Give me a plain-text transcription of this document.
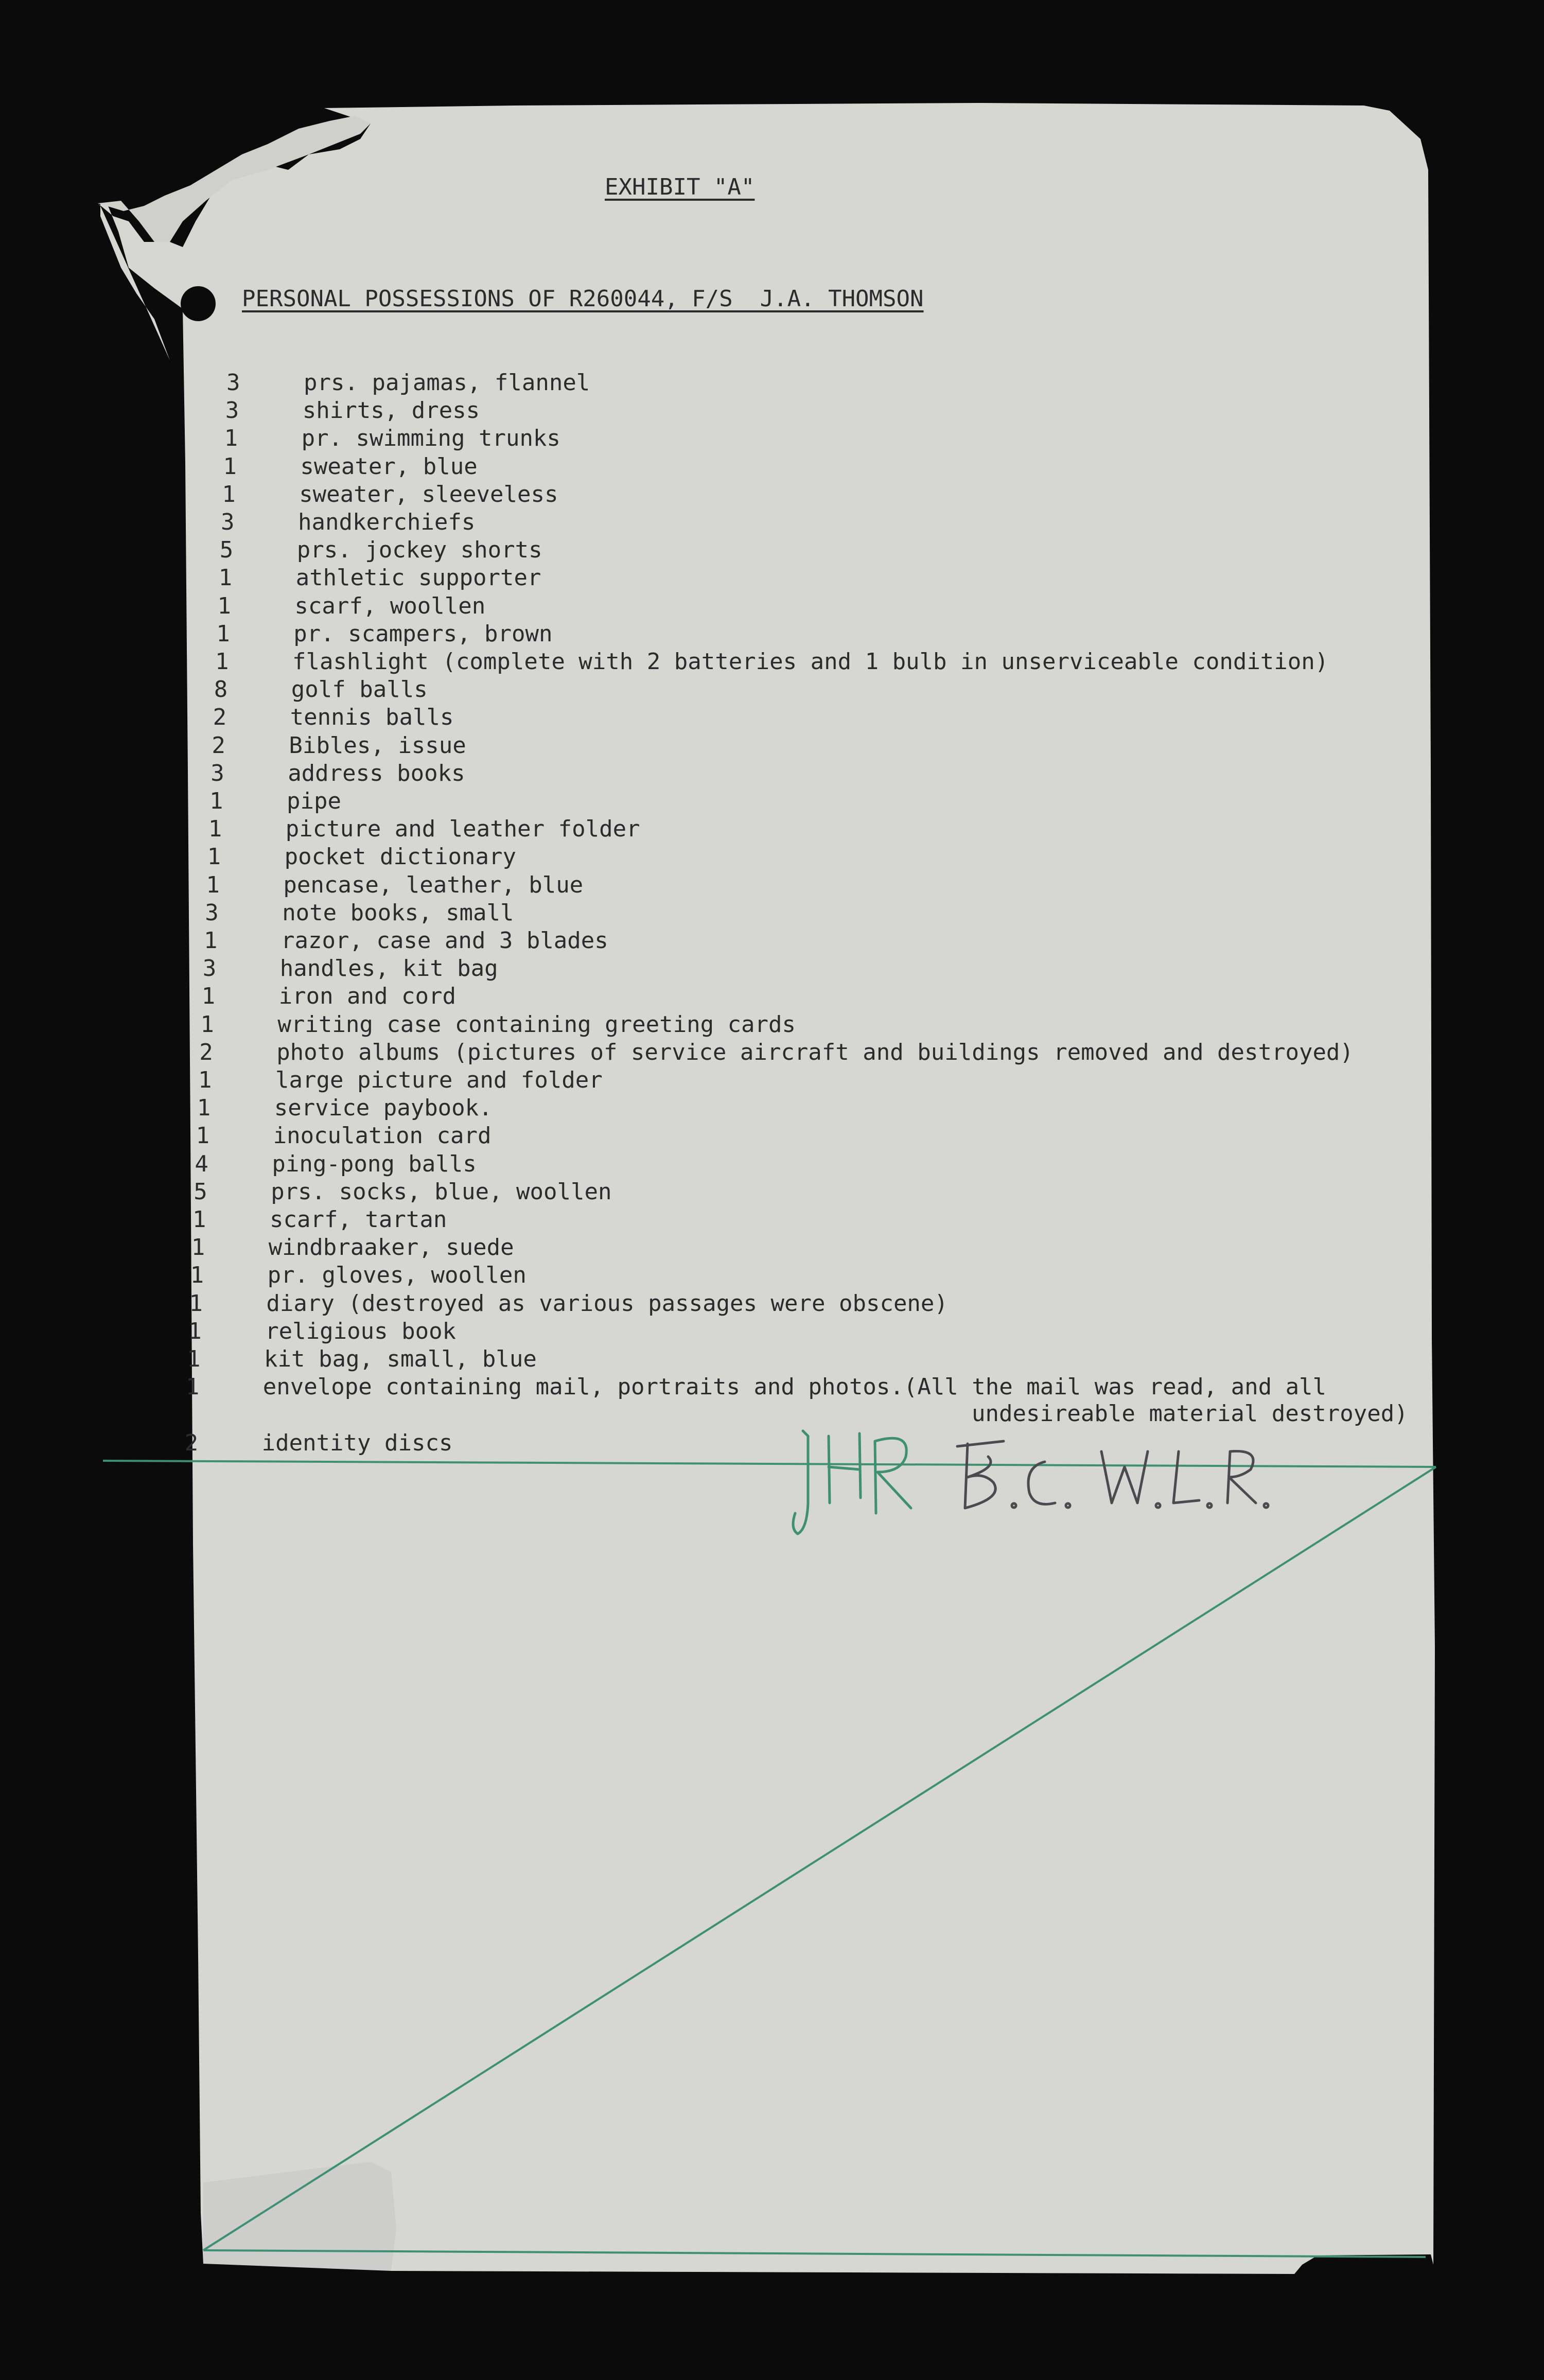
EXHIBIT "A"
PERSONAL POSSESSIONS OF R260044, F/S  J.A. THOMSON
3	prs. pajamas, flannel
3	shirts, dress
1	pr. swimming trunks
1	sweater, blue
1	sweater, sleeveless
3	handkerchiefs
5	prs. jockey shorts
1	athletic supporter
1	scarf, woollen
1	pr. scampers, brown
1	flashlight (complete with 2 batteries and 1 bulb in unserviceable condition)
8	golf balls
2	tennis balls
2	Bibles, issue
3	address books
1	pipe
1	picture and leather folder
1	pocket dictionary
1	pencase, leather, blue
3	note books, small
1	razor, case and 3 blades
3	handles, kit bag
1	iron and cord
1	writing case containing greeting cards
2	photo albums (pictures of service aircraft and buildings removed and destroyed)
1	large picture and folder
1	service paybook.
1	inoculation card
4	ping-pong balls
5	prs. socks, blue, woollen
1	scarf, tartan
1	windbraaker, suede
1	pr. gloves, woollen
1	diary (destroyed as various passages were obscene)
1	religious book
1	kit bag, small, blue
1	envelope containing mail, portraits and photos.(All the mail was read, and all
undesireable material destroyed)
2	identity discs
